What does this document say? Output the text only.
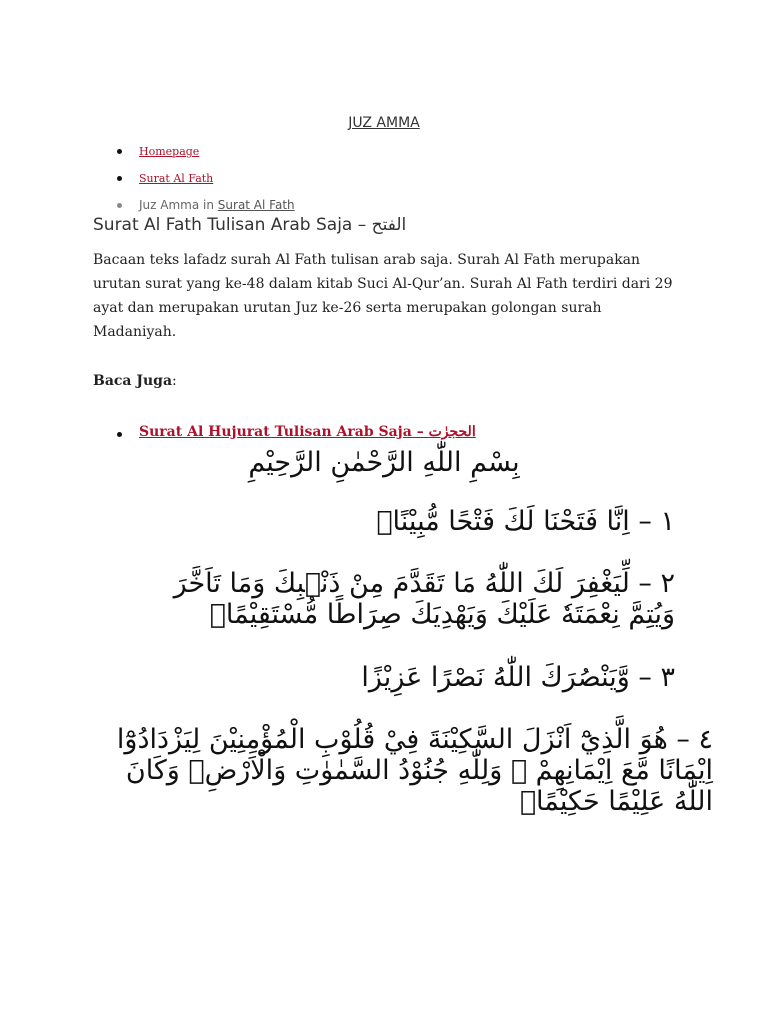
JUZ AMMA
Homepage
Surat Al Fath
Juz Amma in Surat Al Fath
Surat Al Fath Tulisan Arab Saja – الفتح

Bacaan teks lafadz surah Al Fath tulisan arab saja. Surah Al Fath merupakan urutan surat yang ke-48 dalam kitab Suci Al-Qur’an. Surah Al Fath terdiri dari 29 ayat dan merupakan urutan Juz ke-26 serta merupakan golongan surah Madaniyah.

Baca Juga:
Surat Al Hujurat Tulisan Arab Saja – الحجرٰت
بِسْمِ اللّٰهِ الرَّحْمٰنِ الرَّحِيْمِ
١ – اِنَّا فَتَحْنَا لَكَ فَتْحًا مُّبِيْنًاۙ
٢ – لِّيَغْفِرَ لَكَ اللّٰهُ مَا تَقَدَّمَ مِنْ ذَنْۢبِكَ وَمَا تَاَخَّرَ وَيُتِمَّ نِعْمَتَهٗ عَلَيْكَ وَيَهْدِيَكَ صِرَاطًا مُّسْتَقِيْمًاۙ
٣ – وَّيَنْصُرَكَ اللّٰهُ نَصْرًا عَزِيْزًا
٤ – هُوَ الَّذِيْٓ اَنْزَلَ السَّكِيْنَةَ فِيْ قُلُوْبِ الْمُؤْمِنِيْنَ لِيَزْدَادُوْٓا اِيْمَانًا مَّعَ اِيْمَانِهِمْ ۗ وَلِلّٰهِ جُنُوْدُ السَّمٰوٰتِ وَالْاَرْضِۗ وَكَانَ اللّٰهُ عَلِيْمًا حَكِيْمًاۙ
